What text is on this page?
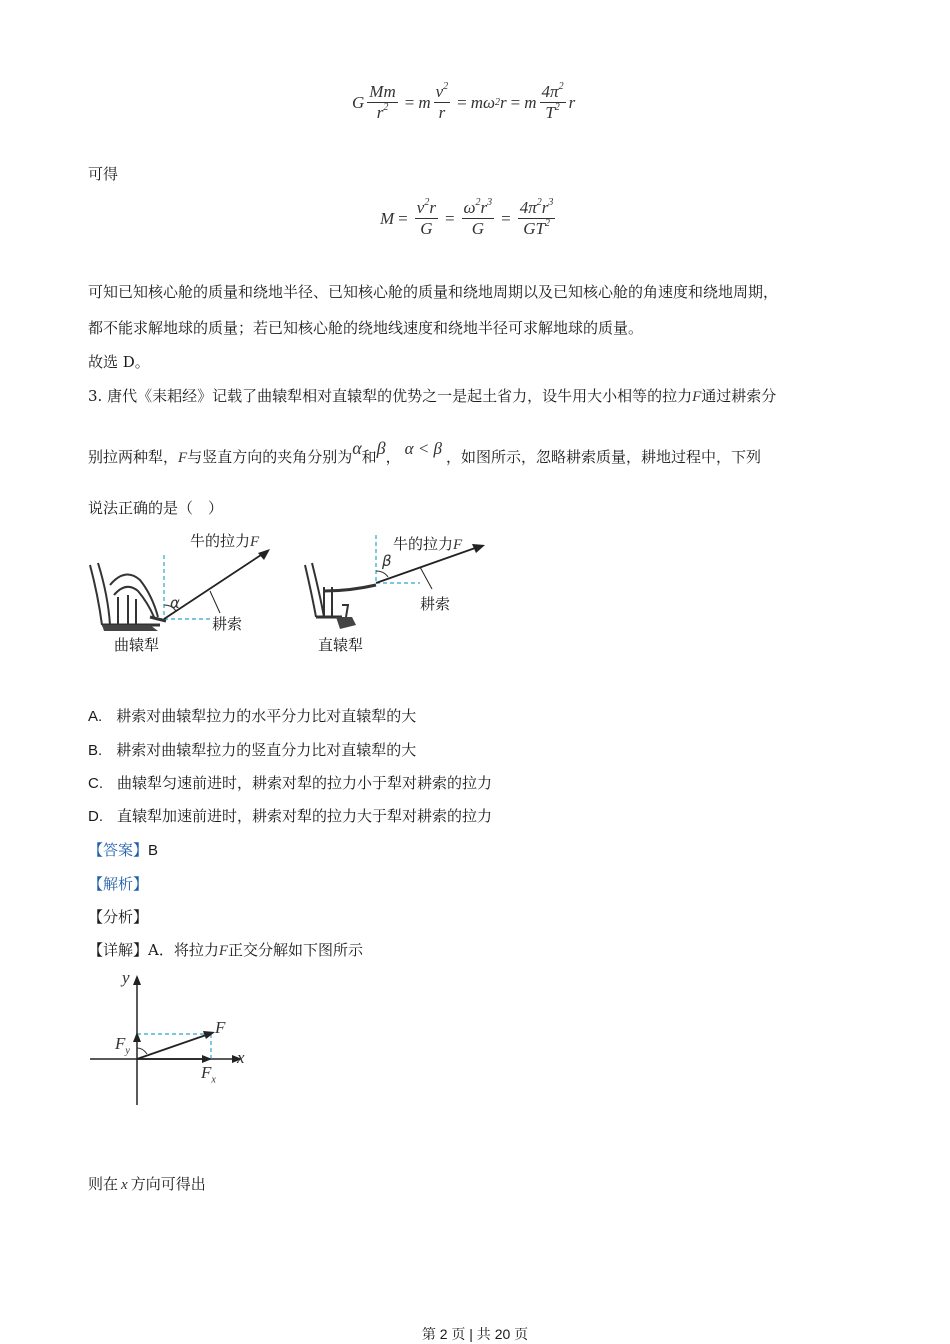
G $\frac{Mm}{r^2} = m \frac{v^2}{r} = m\omega$ 2 r = m $\frac{4\pi^2}{T^2}$ r
可得
$M = \frac{v^2r}{G} = \frac{\omega^2r^3}{G} = \frac{4\pi^2r^3}{GT^2}$
可知已知核心舱的质量和绕地半径、已知核心舱的质量和绕地周期以及已知核心舱的角速度和绕地周期，
都不能求解地球的质量；若已知核心舱的绕地线速度和绕地半径可求解地球的质量。
故选 D。
3. 唐代《耒耜经》记载了曲辕犁相对直辕犁的优势之一是起土省力，设牛用大小相等的拉力F通过耕索分
别拉两种犁，F与竖直方向的夹角分别为α和β， α < β ，如图所示，忽略耕索质量，耕地过程中，下列
说法正确的是（　）
牛的拉力F
α
耕索
曲辕犁
牛的拉力F
β
耕索
直辕犁
A. 耕索对曲辕犁拉力的水平分力比对直辕犁的大
B. 耕索对曲辕犁拉力的竖直分力比对直辕犁的大
C. 曲辕犁匀速前进时，耕索对犁的拉力小于犁对耕索的拉力
D. 直辕犁加速前进时，耕索对犁的拉力大于犁对耕索的拉力
【答案】B
【解析】
【分析】
【详解】A．将拉力F正交分解如下图所示
y
x
F
$F_y$
$F_x$
则在 x 方向可得出
第 2 页 | 共 20 页
